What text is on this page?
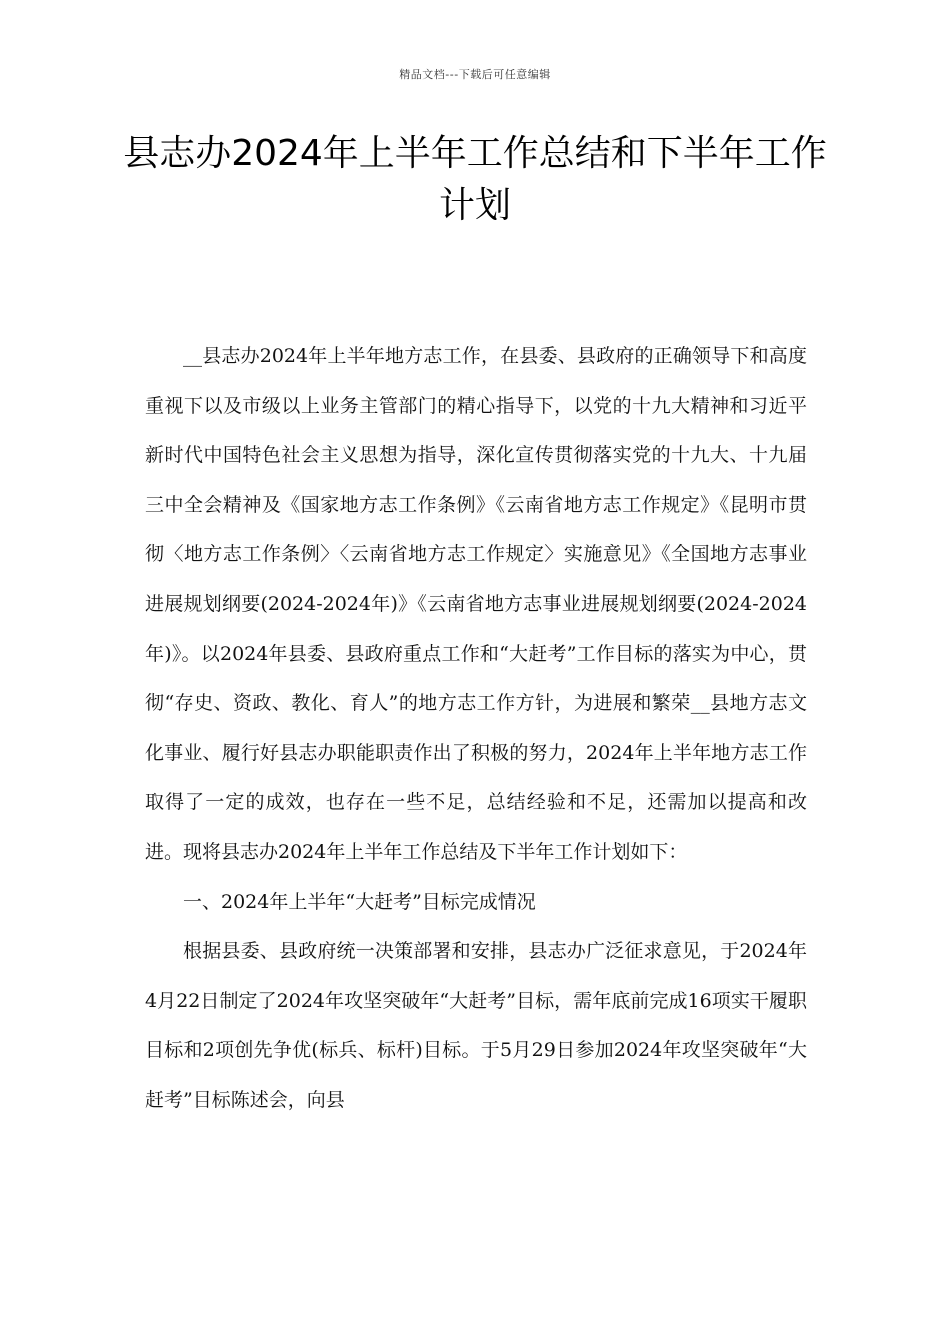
精品文档---下载后可任意编辑
县志办2024年上半年工作总结和下半年工作计划

__县志办2024年上半年地方志工作，在县委、县政府的正确领导下和高度重视下以及市级以上业务主管部门的精心指导下，以党的十九大精神和习近平新时代中国特色社会主义思想为指导，深化宣传贯彻落实党的十九大、十九届三中全会精神及《国家地方志工作条例》《云南省地方志工作规定》《昆明市贯彻〈地方志工作条例〉〈云南省地方志工作规定〉实施意见》《全国地方志事业进展规划纲要(2024-2024年)》《云南省地方志事业进展规划纲要(2024-2024年)》。以2024年县委、县政府重点工作和“大赶考”工作目标的落实为中心，贯彻“存史、资政、教化、育人”的地方志工作方针，为进展和繁荣__县地方志文化事业、履行好县志办职能职责作出了积极的努力，2024年上半年地方志工作取得了一定的成效，也存在一些不足，总结经验和不足，还需加以提高和改进。现将县志办2024年上半年工作总结及下半年工作计划如下：

一、2024年上半年“大赶考”目标完成情况

根据县委、县政府统一决策部署和安排，县志办广泛征求意见，于2024年4月22日制定了2024年攻坚突破年“大赶考”目标，需年底前完成16项实干履职目标和2项创先争优(标兵、标杆)目标。于5月29日参加2024年攻坚突破年“大赶考”目标陈述会，向县
